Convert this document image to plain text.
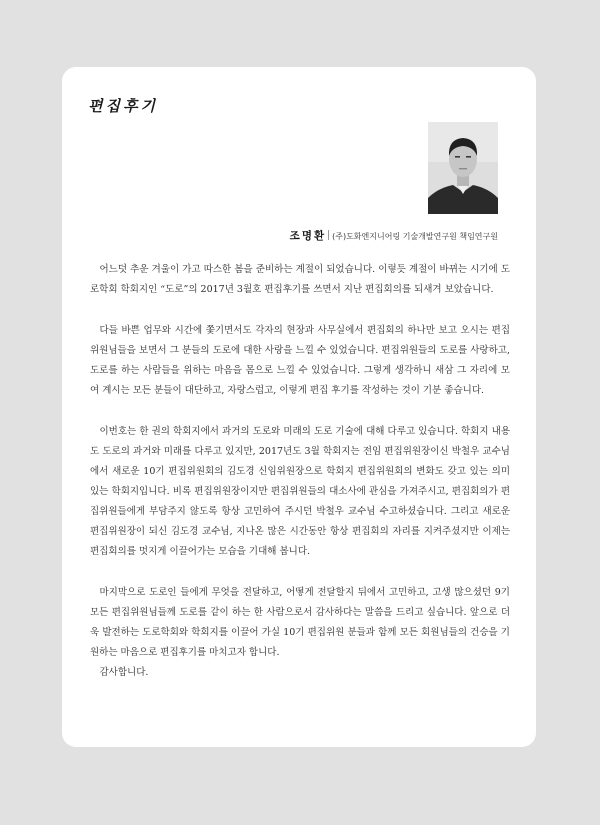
편집후기
조명환 (주)도화엔지니어링 기술개발연구원 책임연구원

어느덧 추운 겨울이 가고 따스한 봄을 준비하는 계절이 되었습니다. 이렇듯 계절이 바뀌는 시기에 도로학회 학회지인 “도로”의 2017년 3월호 편집후기를 쓰면서 지난 편집회의를 되새겨 보았습니다.

다들 바쁜 업무와 시간에 쫓기면서도 각자의 현장과 사무실에서 편집회의 하나만 보고 오시는 편집위원님들을 보면서 그 분들의 도로에 대한 사랑을 느낄 수 있었습니다. 편집위원들의 도로를 사랑하고, 도로를 하는 사람들을 위하는 마음을 몸으로 느낄 수 있었습니다. 그렇게 생각하니 새삼 그 자리에 모여 계시는 모든 분들이 대단하고, 자랑스럽고, 이렇게 편집 후기를 작성하는 것이 기분 좋습니다.

이번호는 한 권의 학회지에서 과거의 도로와 미래의 도로 기술에 대해 다루고 있습니다. 학회지 내용도 도로의 과거와 미래를 다루고 있지만, 2017년도 3월 학회지는 전임 편집위원장이신 박철우 교수님에서 새로운 10기 편집위원회의 김도경 신임위원장으로 학회지 편집위원회의 변화도 갖고 있는 의미있는 학회지입니다. 비록 편집위원장이지만 편집위원들의 대소사에 관심을 가져주시고, 편집회의가 편집위원들에게 부담주지 않도록 항상 고민하여 주시던 박철우 교수님 수고하셨습니다. 그리고 새로운 편집위원장이 되신 김도경 교수님, 지나온 많은 시간동안 항상 편집회의 자리를 지켜주셨지만 이제는 편집회의를 멋지게 이끌어가는 모습을 기대해 봅니다.

마지막으로 도로인 들에게 무엇을 전달하고, 어떻게 전달할지 뒤에서 고민하고, 고생 많으셨던 9기 모든 편집위원님들께 도로를 같이 하는 한 사람으로서 감사하다는 말씀을 드리고 싶습니다. 앞으로 더욱 발전하는 도로학회와 학회지를 이끌어 가실 10기 편집위원 분들과 함께 모든 회원님들의 건승을 기원하는 마음으로 편집후기를 마치고자 합니다.

감사합니다.
